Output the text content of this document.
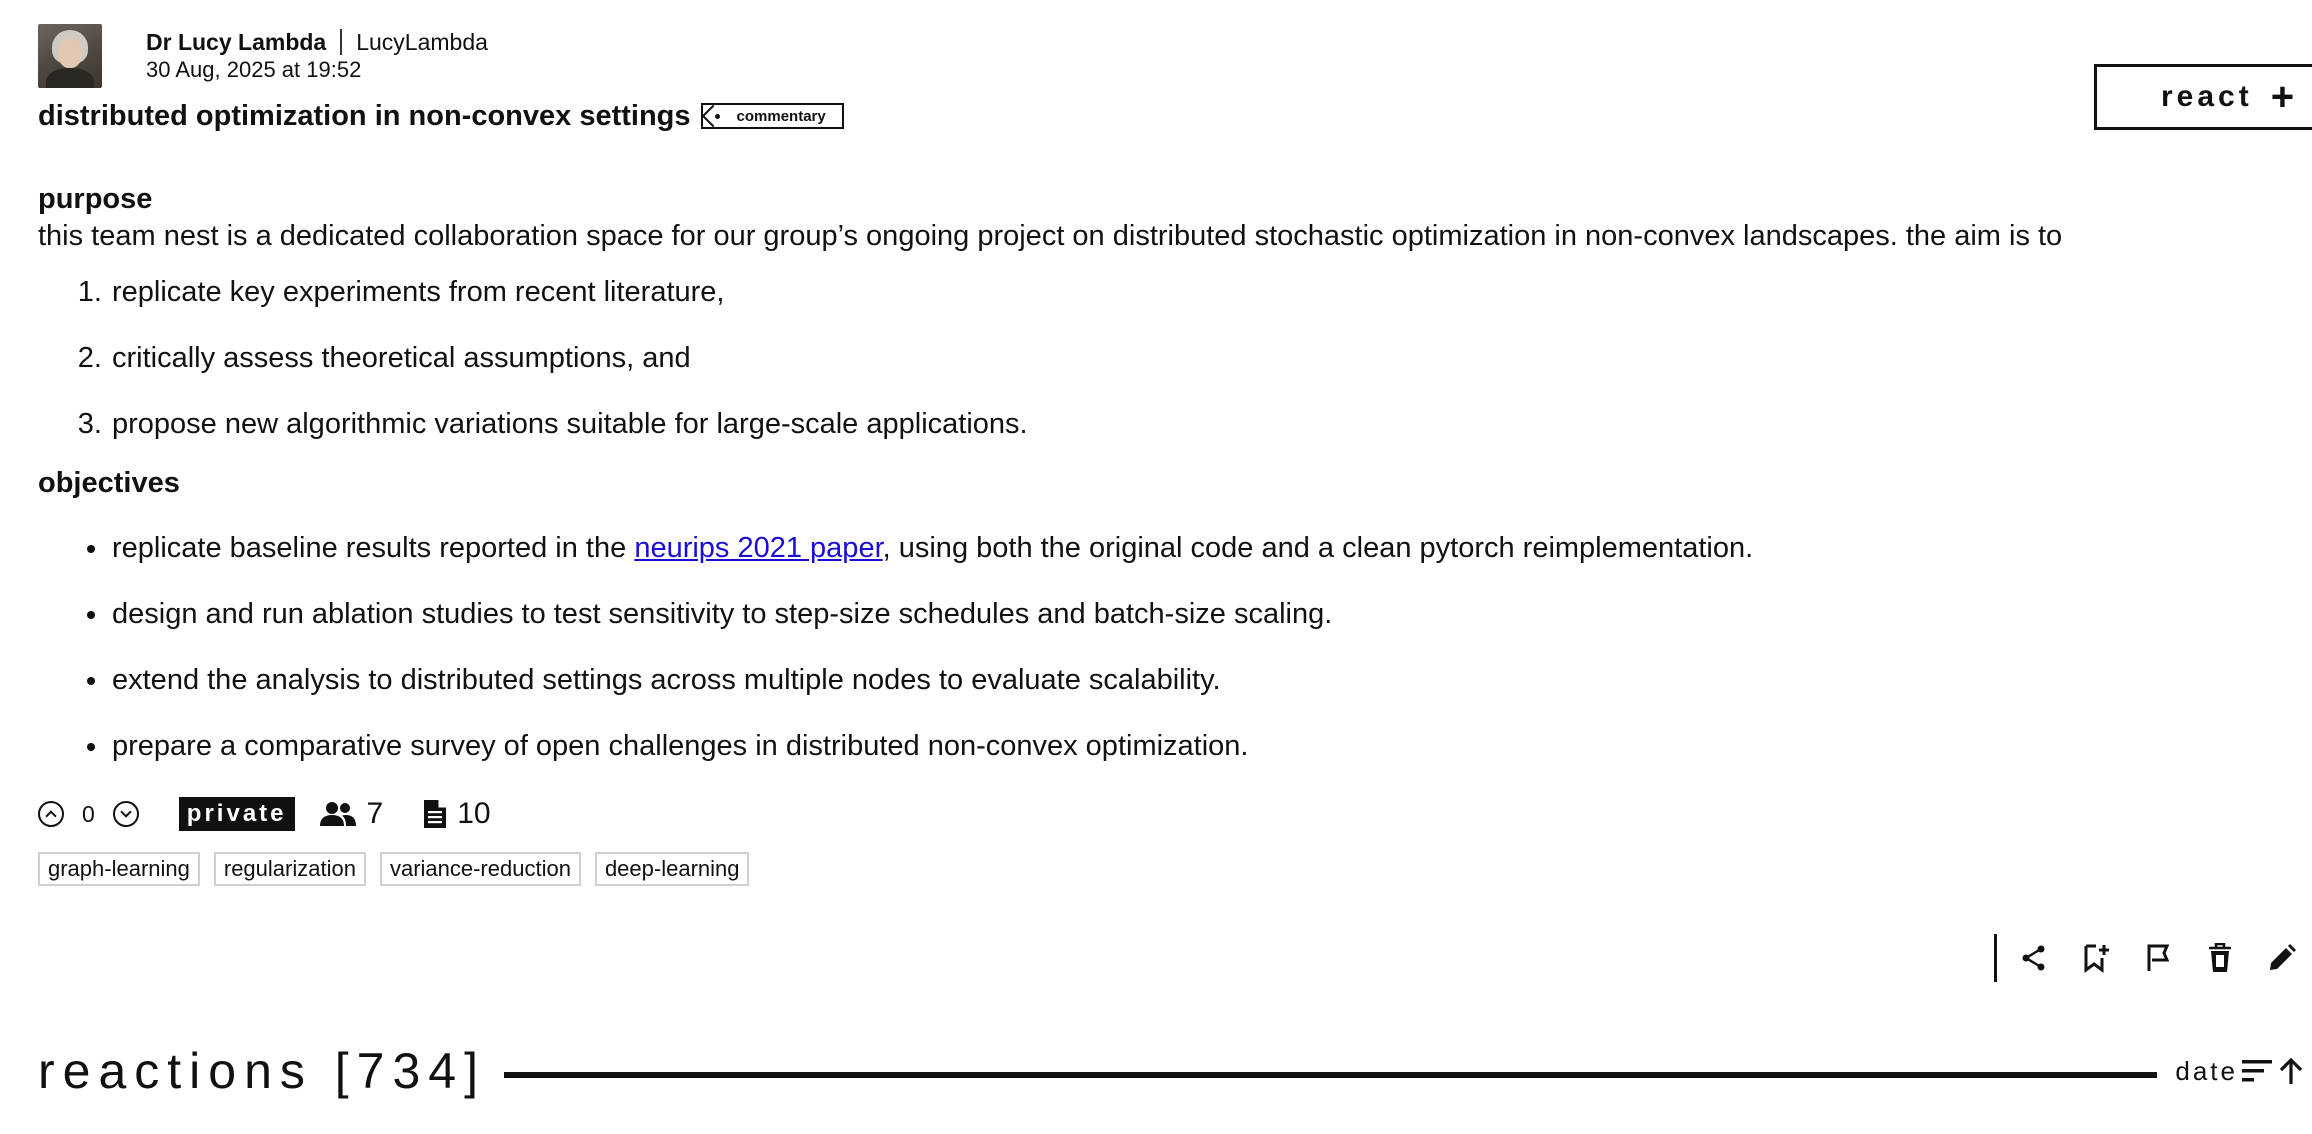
Dr Lucy Lambda LucyLambda
30 Aug, 2025 at 19:52
distributed optimization in non-convex settings	commentary
purpose

this team nest is a dedicated collaboration space for our group’s ongoing project on distributed stochastic optimization in non-convex landscapes. the aim is to

1. replicate key experiments from recent literature,
2. critically assess theoretical assumptions, and
3. propose new algorithmic variations suitable for large-scale applications.
objectives
• replicate baseline results reported in the neurips 2021 paper, using both the original code and a clean pytorch reimplementation.
• design and run ablation studies to test sensitivity to step-size schedules and batch-size scaling.
• extend the analysis to distributed settings across multiple nodes to evaluate scalability.
• prepare a comparative survey of open challenges in distributed non-convex optimization.
0	private	7 10
graph-learning	regularization	variance-reduction	deep-learning
react +
reactions [734]	date
